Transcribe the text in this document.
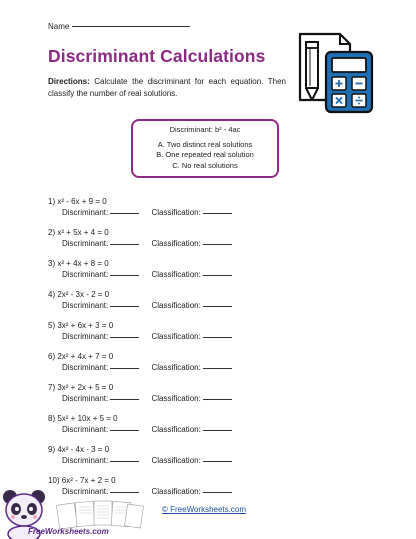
Name
Discriminant Calculations
Directions: Calculate the discriminant for each equation. Then classify the number of real solutions.
Discriminant: b² - 4ac
A. Two distinct real solutions
B. One repeated real solution
C. No real solutions
1) x² - 6x + 9 = 0
Discriminant:	Classification:
2) x² + 5x + 4 = 0
Discriminant:	Classification:
3) x² + 4x + 8 = 0
Discriminant:	Classification:
4) 2x² - 3x - 2 = 0
Discriminant:	Classification:
5) 3x² + 6x + 3 = 0
Discriminant:	Classification:
6) 2x² + 4x + 7 = 0
Discriminant:	Classification:
7) 3x² + 2x + 5 = 0
Discriminant:	Classification:
8) 5x² + 10x + 5 = 0
Discriminant:	Classification:
9) 4x² - 4x - 3 = 0
Discriminant:	Classification:
10) 6x² - 7x + 2 = 0
Discriminant:	Classification:
FreeWorksheets.com
© FreeWorksheets.com
